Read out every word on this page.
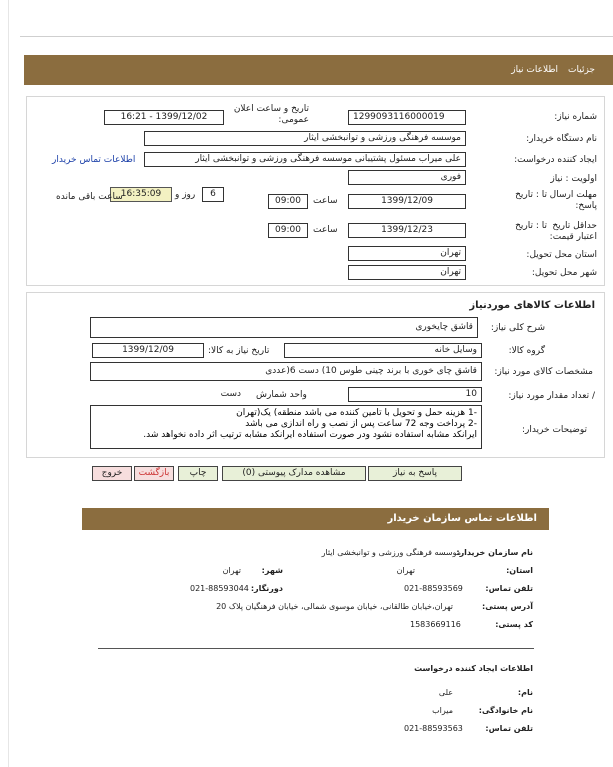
جزئیات
اطلاعات نیاز
شماره نیاز:
1299093116000019
تاریخ و ساعت اعلان عمومی:
1399/12/02 - 16:21
نام دستگاه خریدار:
موسسه فرهنگی ورزشی و توانبخشی ایثار
ایجاد کننده درخواست:
علی میراب مسئول پشتیبانی موسسه فرهنگی ورزشی و توانبخشی ایثار
اطلاعات تماس خریدار
اولویت : نیاز
فوری
مهلت ارسال پاسخ:
تا : تاریخ
1399/12/09
ساعت
09:00
6
روز و
16:35:09
ساعت باقی مانده
حداقل تاریخ اعتبار قیمت:
تا : تاریخ
1399/12/23
ساعت
09:00
استان محل تحویل:
تهران
شهر محل تحویل:
تهران
اطلاعات کالاهای موردنیاز
شرح کلی نیاز:
قاشق چایخوری
گروه کالا:
وسایل خانه
تاریخ نیاز به کالا:
1399/12/09
مشخصات کالای مورد نیاز:
قاشق چای خوری با برند چینی طوس 10) دست 6(عددی
/ تعداد مقدار مورد نیاز:
10
واحد شمارش
دست
توضیحات خریدار:
-1 هزینه حمل و تحویل با تامین کننده می باشد منطقه) یک(تهران -2 پرداخت وجه 72 ساعت پس از نصب و راه اندازی می باشد ایرانکد مشابه استفاده نشود ودر صورت استفاده ایرانکد مشابه ترتیب اثر داده نخواهد شد.
پاسخ به نیاز
مشاهده مدارک پیوستی (0)
چاپ
بازگشت
خروج
اطلاعات تماس سازمان خریدار
نام سازمان خریدار:
موسسه فرهنگی ورزشی و توانبخشی ایثار
استان:
تهران
شهر:
تهران
تلفن تماس:
021-88593569
دورنگار:
021-88593044
آدرس پستی:
تهران،خیابان طالقانی، خیابان موسوی شمالی، خیابان فرهنگیان پلاک 20
کد پستی:
1583669116
اطلاعات ایجاد کننده درخواست
نام:
علی
نام خانوادگی:
میراب
تلفن تماس:
021-88593563
